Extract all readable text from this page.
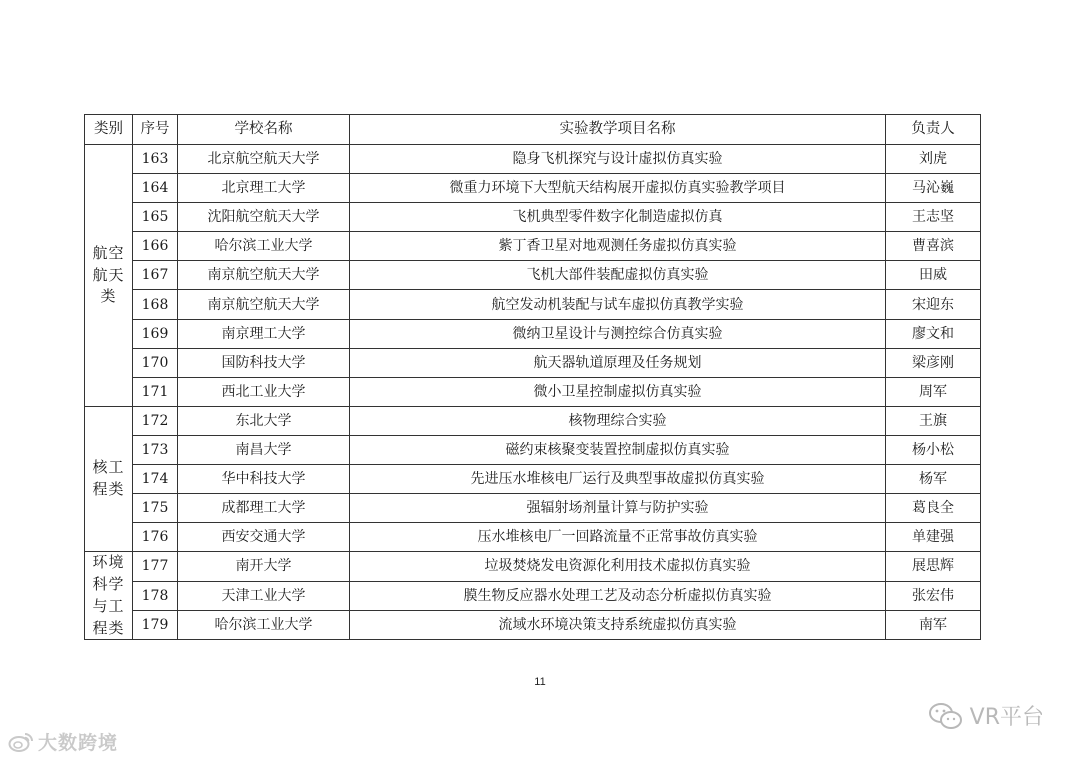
类别	序号	学校名称	实验教学项目名称	负责人
航空航天类	163	北京航空航天大学	隐身飞机探究与设计虚拟仿真实验	刘虎
	164	北京理工大学	微重力环境下大型航天结构展开虚拟仿真实验教学项目	马沁巍
	165	沈阳航空航天大学	飞机典型零件数字化制造虚拟仿真	王志坚
	166	哈尔滨工业大学	紫丁香卫星对地观测任务虚拟仿真实验	曹喜滨
	167	南京航空航天大学	飞机大部件装配虚拟仿真实验	田威
	168	南京航空航天大学	航空发动机装配与试车虚拟仿真教学实验	宋迎东
	169	南京理工大学	微纳卫星设计与测控综合仿真实验	廖文和
	170	国防科技大学	航天器轨道原理及任务规划	梁彦刚
	171	西北工业大学	微小卫星控制虚拟仿真实验	周军
核工程类	172	东北大学	核物理综合实验	王旗
	173	南昌大学	磁约束核聚变装置控制虚拟仿真实验	杨小松
	174	华中科技大学	先进压水堆核电厂运行及典型事故虚拟仿真实验	杨军
	175	成都理工大学	强辐射场剂量计算与防护实验	葛良全
	176	西安交通大学	压水堆核电厂一回路流量不正常事故仿真实验	单建强
环境科学与工程类	177	南开大学	垃圾焚烧发电资源化利用技术虚拟仿真实验	展思辉
	178	天津工业大学	膜生物反应器水处理工艺及动态分析虚拟仿真实验	张宏伟
	179	哈尔滨工业大学	流域水环境决策支持系统虚拟仿真实验	南军
11
大数跨境
VR平台
